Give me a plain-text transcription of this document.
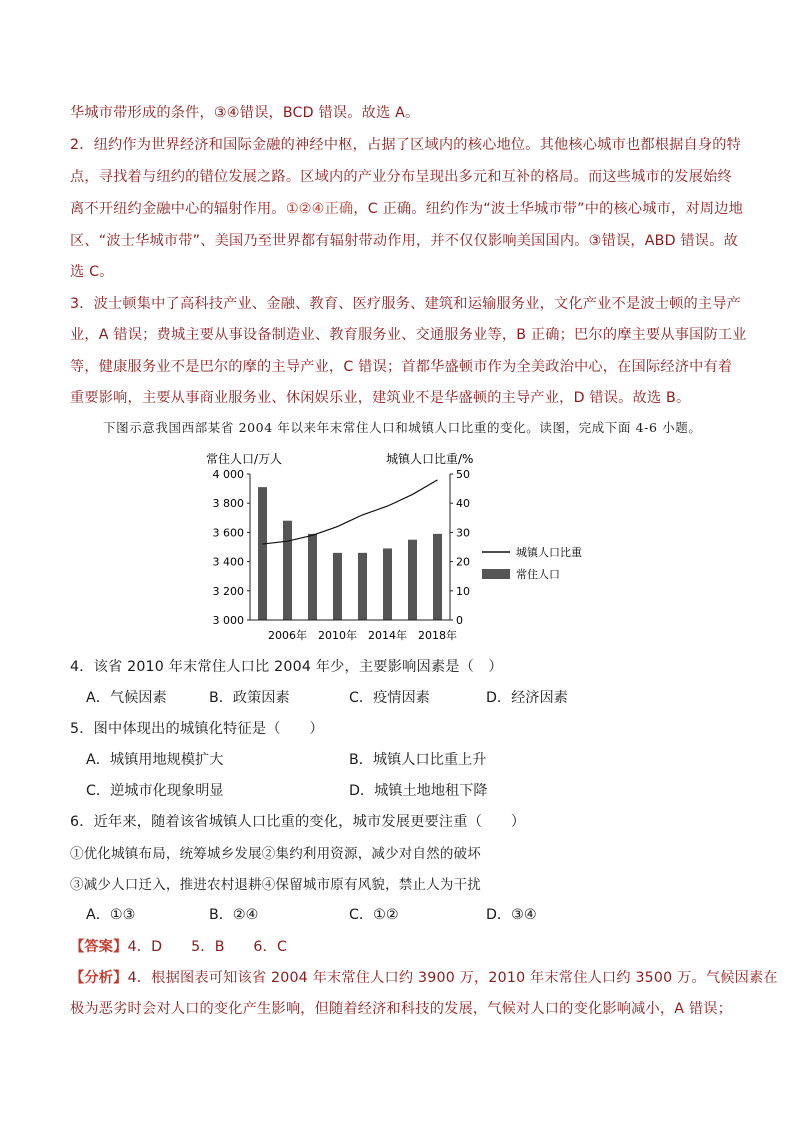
华城市带形成的条件，③④错误，BCD 错误。故选 A。
2．纽约作为世界经济和国际金融的神经中枢，占据了区域内的核心地位。其他核心城市也都根据自身的特
点，寻找着与纽约的错位发展之路。区域内的产业分布呈现出多元和互补的格局。而这些城市的发展始终
离不开纽约金融中心的辐射作用。①②④正确，C 正确。纽约作为“波士华城市带”中的核心城市，对周边地
区、“波士华城市带”、美国乃至世界都有辐射带动作用，并不仅仅影响美国国内。③错误，ABD 错误。故
选 C。
3．波士顿集中了高科技产业、金融、教育、医疗服务、建筑和运输服务业，文化产业不是波士顿的主导产
业，A 错误；费城主要从事设备制造业、教育服务业、交通服务业等，B 正确；巴尔的摩主要从事国防工业
等，健康服务业不是巴尔的摩的主导产业，C 错误；首都华盛顿市作为全美政治中心，在国际经济中有着
重要影响，主要从事商业服务业、休闲娱乐业，建筑业不是华盛顿的主导产业，D 错误。故选 B。
下图示意我国西部某省 2004 年以来年末常住人口和城镇人口比重的变化。读图，完成下面 4-6 小题。
常住人口/万人	城镇人口比重/%
4 000
3 800
3 600
3 400
3 200
3 000
50
40
30
20
10
0
2006年 2010年 2014年 2018年
城镇人口比重
常住人口
4．该省 2010 年末常住人口比 2004 年少，主要影响因素是（　）
A．气候因素	B．政策因素	C．疫情因素	D．经济因素
5．图中体现出的城镇化特征是（　　）
A．城镇用地规模扩大	B．城镇人口比重上升
C．逆城市化现象明显	D．城镇土地地租下降
6．近年来，随着该省城镇人口比重的变化，城市发展更要注重（　　）
①优化城镇布局，统筹城乡发展②集约利用资源，减少对自然的破坏
③减少人口迁入，推进农村退耕④保留城市原有风貌，禁止人为干扰
A．①③	B．②④	C．①②	D．③④
【答案】4．D　　5．B　　6．C
【分析】4．根据图表可知该省 2004 年末常住人口约 3900 万，2010 年末常住人口约 3500 万。气候因素在
极为恶劣时会对人口的变化产生影响，但随着经济和科技的发展，气候对人口的变化影响减小，A 错误；
